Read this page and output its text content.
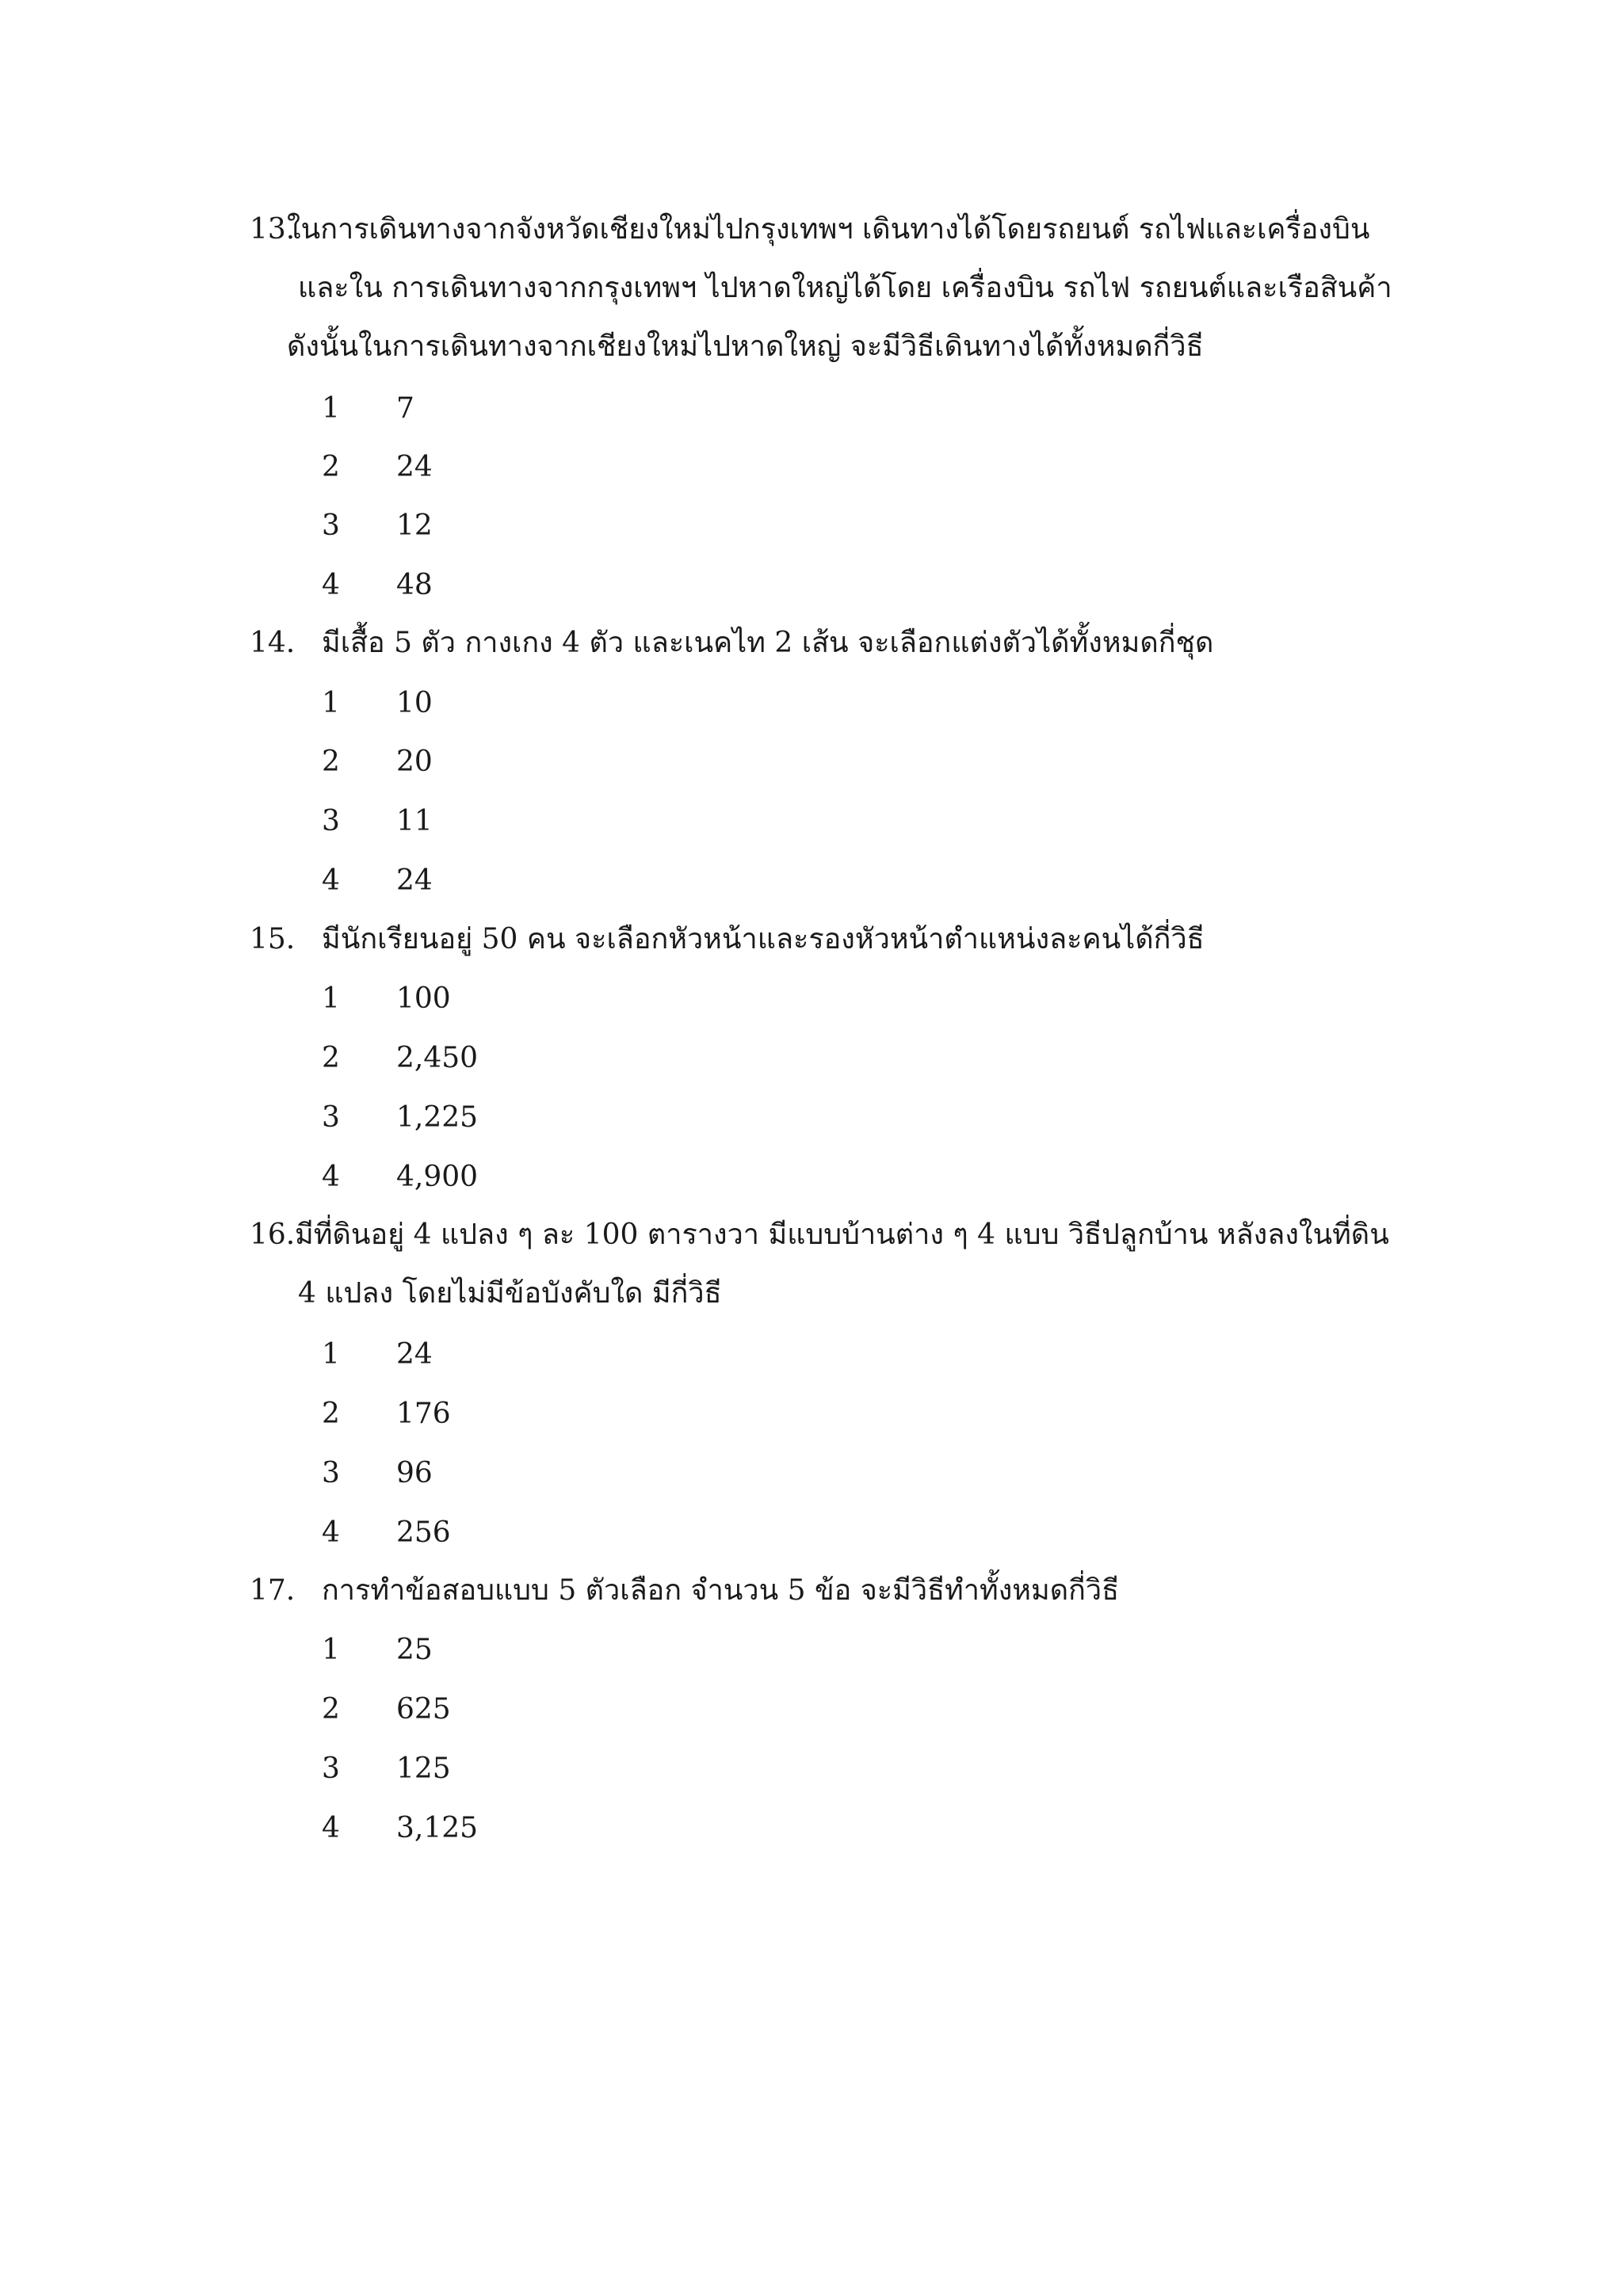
13.
ในการเดินทางจากจังหวัดเชียงใหม่ไปกรุงเทพฯ เดินทางได้โดยรถยนต์ รถไฟและเครื่องบิน
และใน การเดินทางจากกรุงเทพฯ ไปหาดใหญ่ได้โดย เครื่องบิน รถไฟ รถยนต์และเรือสินค้า
ดังนั้นในการเดินทางจากเชียงใหม่ไปหาดใหญ่ จะมีวิธีเดินทางได้ทั้งหมดกี่วิธี
1 7
2 24
3 12
4 48
14. มีเสื้อ 5 ตัว กางเกง 4 ตัว และเนคไท 2 เส้น จะเลือกแต่งตัวได้ทั้งหมดกี่ชุด
1 10
2 20
3 11
4 24
15. มีนักเรียนอยู่ 50 คน จะเลือกหัวหน้าและรองหัวหน้าตำแหน่งละคนได้กี่วิธี
1 100
2 2,450
3 1,225
4 4,900
16. มีที่ดินอยู่ 4 แปลง ๆ ละ 100 ตารางวา มีแบบบ้านต่าง ๆ 4 แบบ วิธีปลูกบ้าน หลังลงในที่ดิน
4 แปลง โดยไม่มีข้อบังคับใด มีกี่วิธี
1 24
2 176
3 96
4 256
17. การทำข้อสอบแบบ 5 ตัวเลือก จำนวน 5 ข้อ จะมีวิธีทำทั้งหมดกี่วิธี
1 25
2 625
3 125
4 3,125
